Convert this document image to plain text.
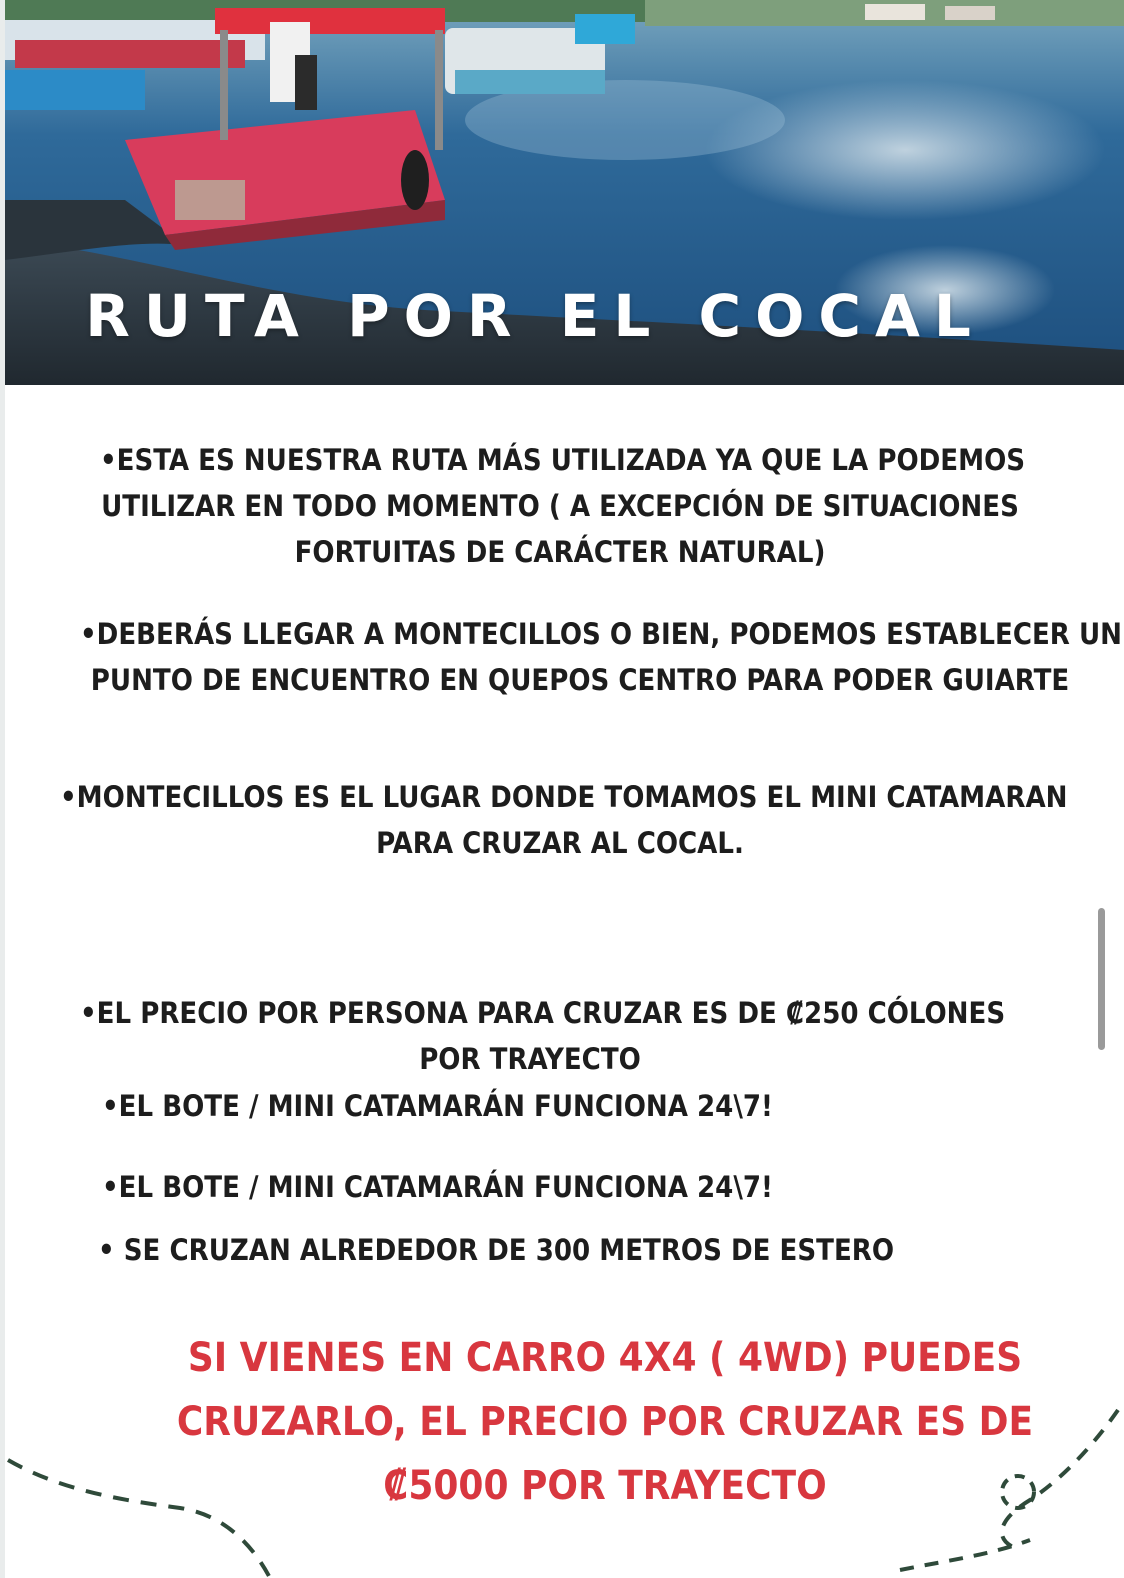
RUTA POR EL COCAL

•ESTA ES NUESTRA RUTA MÁS UTILIZADA YA QUE LA PODEMOS
UTILIZAR EN TODO MOMENTO ( A EXCEPCIÓN DE SITUACIONES
FORTUITAS DE CARÁCTER NATURAL)

•DEBERÁS LLEGAR A MONTECILLOS O BIEN, PODEMOS ESTABLECER UN
PUNTO DE ENCUENTRO EN QUEPOS CENTRO PARA PODER GUIARTE

•MONTECILLOS ES EL LUGAR DONDE TOMAMOS EL MINI CATAMARAN
PARA CRUZAR AL COCAL.

•EL PRECIO POR PERSONA PARA CRUZAR ES DE ₡250 CÓLONES
POR TRAYECTO

•EL BOTE / MINI CATAMARÁN FUNCIONA 24\7!

•EL BOTE / MINI CATAMARÁN FUNCIONA 24\7!

• SE CRUZAN ALREDEDOR DE 300 METROS DE ESTERO

SI VIENES EN CARRO 4X4 ( 4WD) PUEDES
CRUZARLO, EL PRECIO POR CRUZAR ES DE
₡5000 POR TRAYECTO
